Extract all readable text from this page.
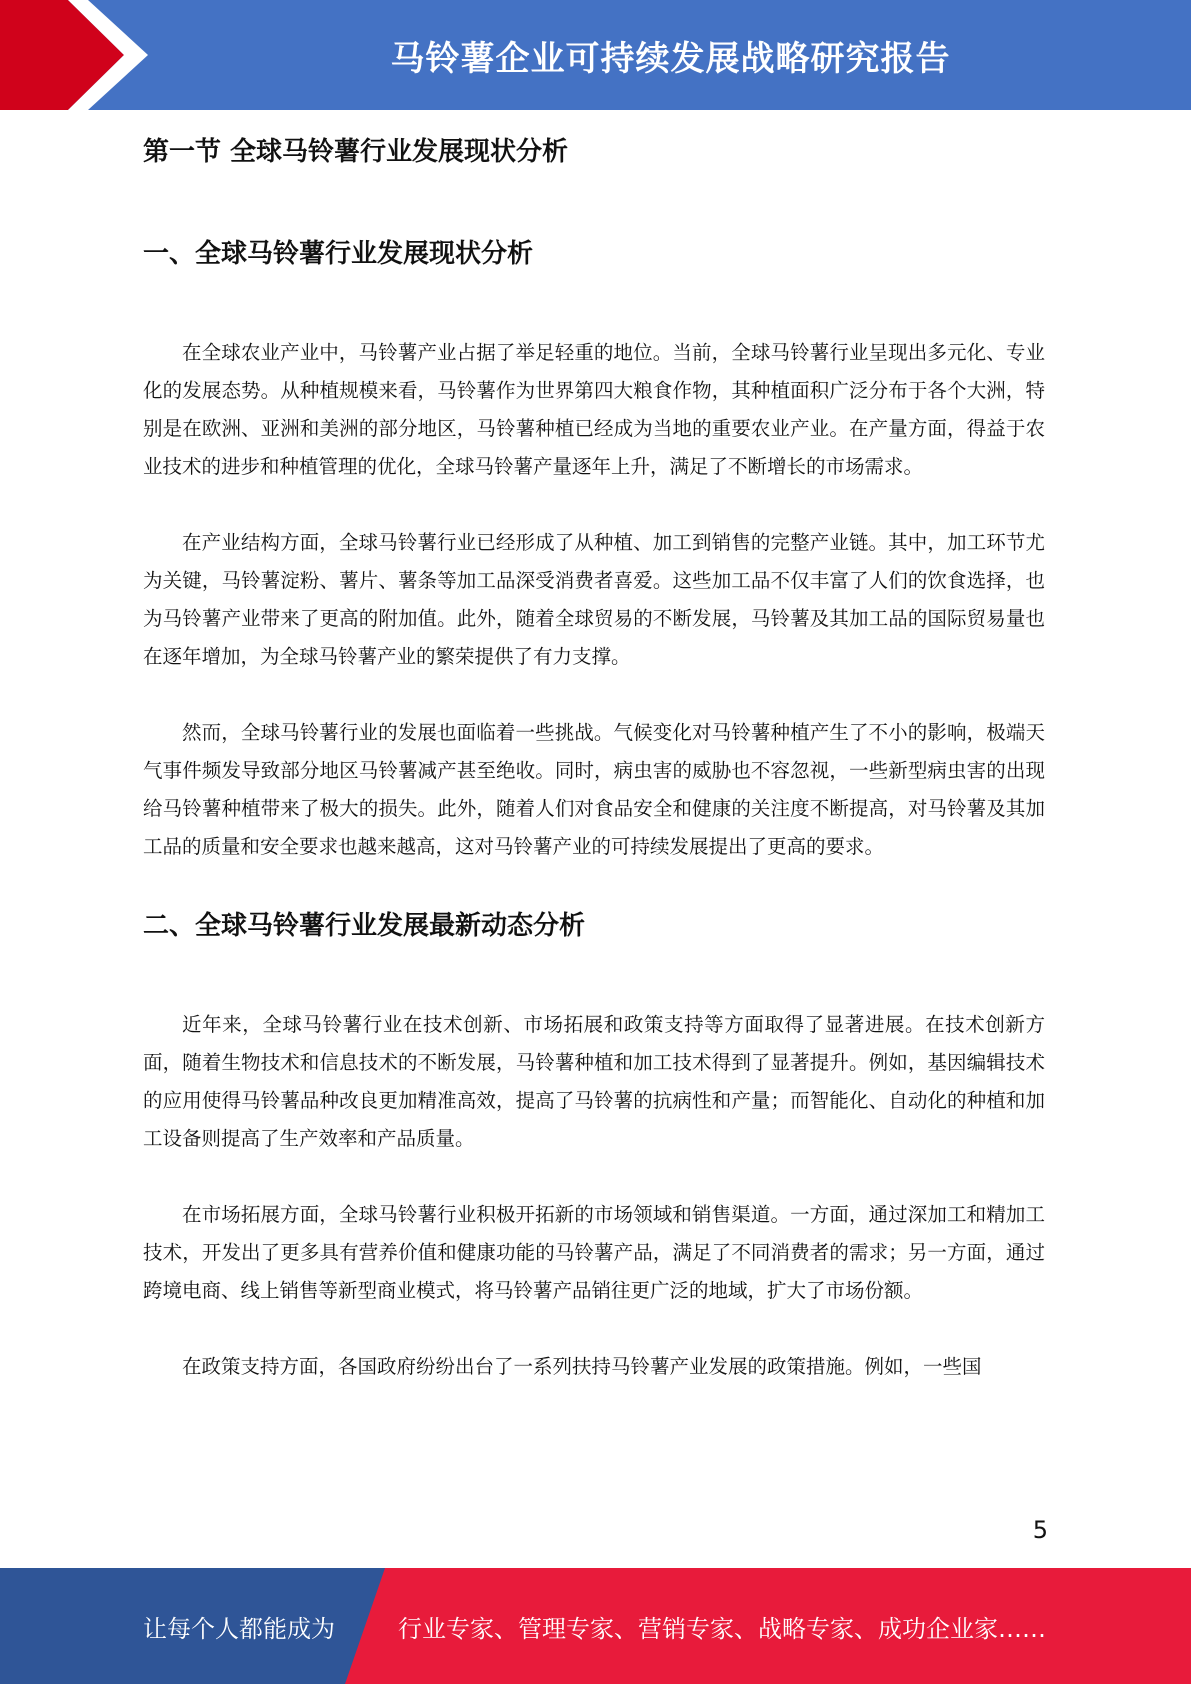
马铃薯企业可持续发展战略研究报告
第一节 全球马铃薯行业发展现状分析
一、全球马铃薯行业发展现状分析

在全球农业产业中，马铃薯产业占据了举足轻重的地位。当前，全球马铃薯行业呈现出多元化、专业化的发展态势。从种植规模来看，马铃薯作为世界第四大粮食作物，其种植面积广泛分布于各个大洲，特别是在欧洲、亚洲和美洲的部分地区，马铃薯种植已经成为当地的重要农业产业。在产量方面，得益于农业技术的进步和种植管理的优化，全球马铃薯产量逐年上升，满足了不断增长的市场需求。

在产业结构方面，全球马铃薯行业已经形成了从种植、加工到销售的完整产业链。其中，加工环节尤为关键，马铃薯淀粉、薯片、薯条等加工品深受消费者喜爱。这些加工品不仅丰富了人们的饮食选择，也为马铃薯产业带来了更高的附加值。此外，随着全球贸易的不断发展，马铃薯及其加工品的国际贸易量也在逐年增加，为全球马铃薯产业的繁荣提供了有力支撑。

然而，全球马铃薯行业的发展也面临着一些挑战。气候变化对马铃薯种植产生了不小的影响，极端天气事件频发导致部分地区马铃薯减产甚至绝收。同时，病虫害的威胁也不容忽视，一些新型病虫害的出现给马铃薯种植带来了极大的损失。此外，随着人们对食品安全和健康的关注度不断提高，对马铃薯及其加工品的质量和安全要求也越来越高，这对马铃薯产业的可持续发展提出了更高的要求。

二、全球马铃薯行业发展最新动态分析

近年来，全球马铃薯行业在技术创新、市场拓展和政策支持等方面取得了显著进展。在技术创新方面，随着生物技术和信息技术的不断发展，马铃薯种植和加工技术得到了显著提升。例如，基因编辑技术的应用使得马铃薯品种改良更加精准高效，提高了马铃薯的抗病性和产量；而智能化、自动化的种植和加工设备则提高了生产效率和产品质量。

在市场拓展方面，全球马铃薯行业积极开拓新的市场领域和销售渠道。一方面，通过深加工和精加工技术，开发出了更多具有营养价值和健康功能的马铃薯产品，满足了不同消费者的需求；另一方面，通过跨境电商、线上销售等新型商业模式，将马铃薯产品销往更广泛的地域，扩大了市场份额。

在政策支持方面，各国政府纷纷出台了一系列扶持马铃薯产业发展的政策措施。例如，一些国

5
让每个人都能成为	行业专家、管理专家、营销专家、战略专家、成功企业家……
